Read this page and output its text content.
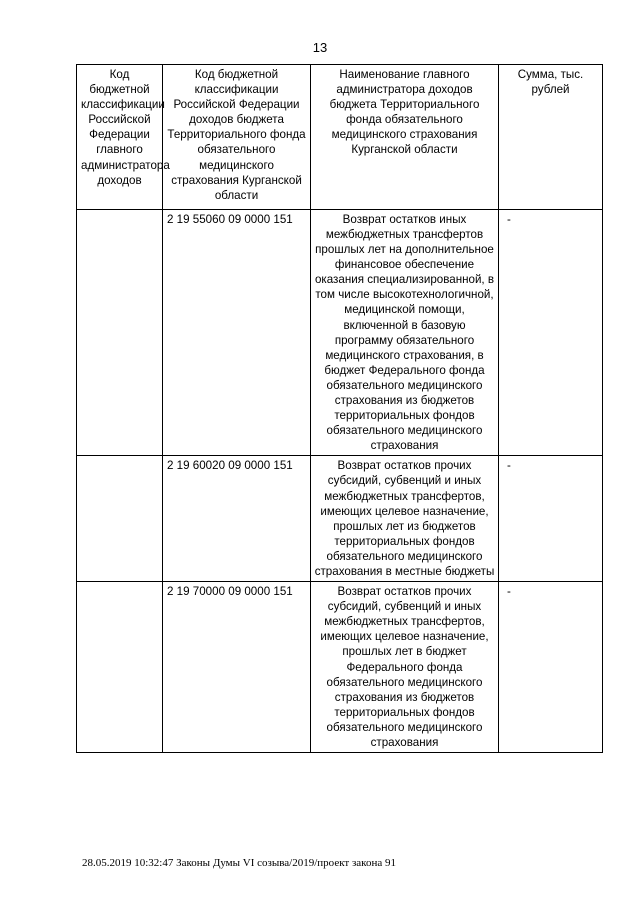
13
Код бюджетной классификации Российской Федерации главного администратора доходов	Код бюджетной классификации Российской Федерации доходов бюджета Территориального фонда обязательного медицинского страхования Курганской области	Наименование главного администратора доходов бюджета Территориального фонда обязательного медицинского страхования Курганской области	Сумма, тыс. рублей
	2 19 55060 09 0000 151	Возврат остатков иных межбюджетных трансфертов прошлых лет на дополнительное финансовое обеспечение оказания специализированной, в том числе высокотехнологичной, медицинской помощи, включенной в базовую программу обязательного медицинского страхования, в бюджет Федерального фонда обязательного медицинского страхования из бюджетов территориальных фондов обязательного медицинского страхования	-
	2 19 60020 09 0000 151	Возврат остатков прочих субсидий, субвенций и иных межбюджетных трансфертов, имеющих целевое назначение, прошлых лет из бюджетов территориальных фондов обязательного медицинского страхования в местные бюджеты	-
	2 19 70000 09 0000 151	Возврат остатков прочих субсидий, субвенций и иных межбюджетных трансфертов, имеющих целевое назначение, прошлых лет в бюджет Федерального фонда обязательного медицинского страхования из бюджетов территориальных фондов обязательного медицинского страхования	-
28.05.2019 10:32:47 Законы Думы VI созыва/2019/проект закона 91
